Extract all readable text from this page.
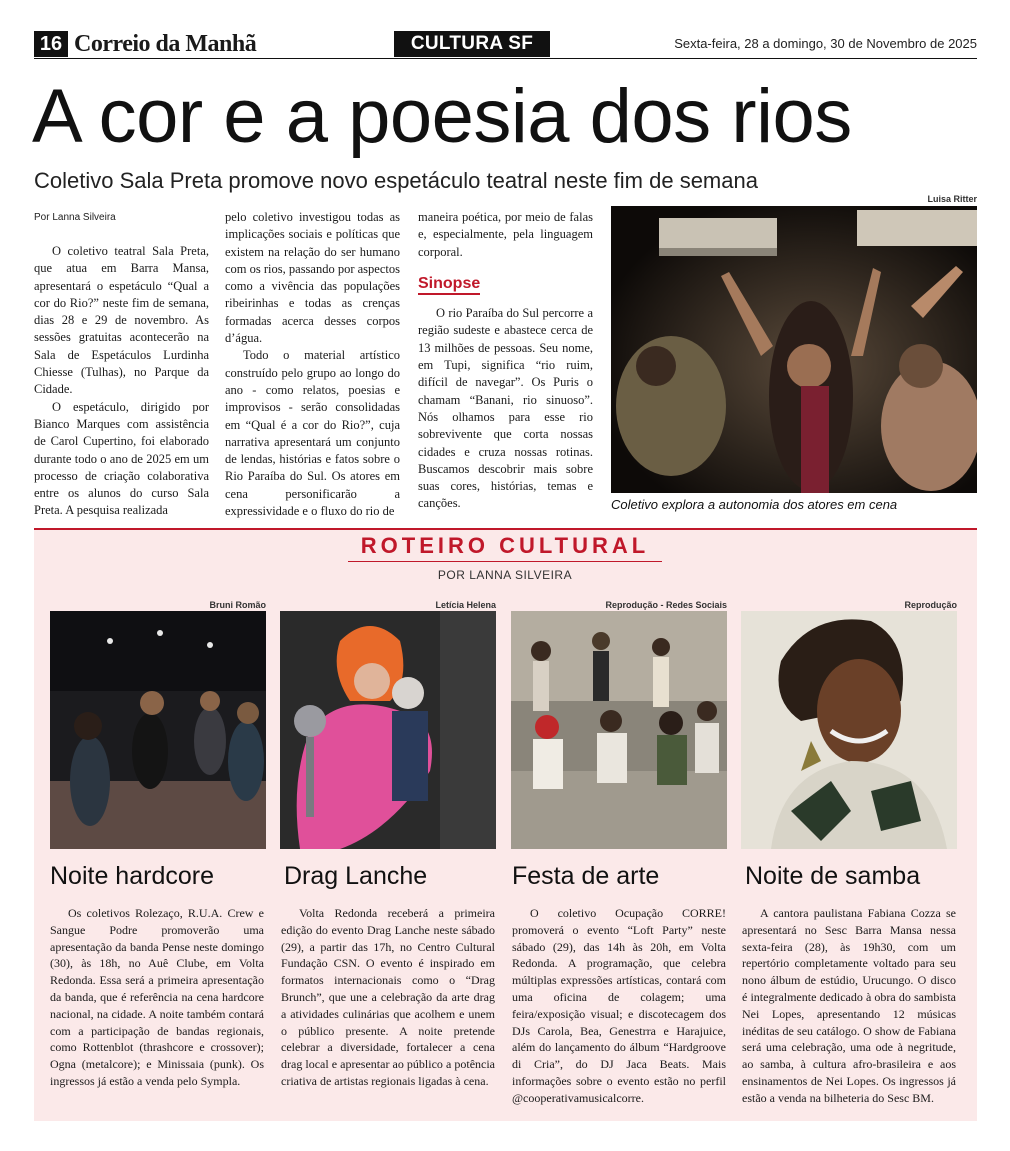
16 Correio da Manhã	CULTURA SF	Sexta-feira, 28 a domingo, 30 de Novembro de 2025
A cor e a poesia dos rios
Coletivo Sala Preta promove novo espetáculo teatral neste fim de semana
Por Lanna Silveira

O coletivo teatral Sala Preta, que atua em Barra Mansa, apresentará o espetáculo “Qual a cor do Rio?” neste fim de semana, dias 28 e 29 de novembro. As sessões gratuitas acontecerão na Sala de Espetáculos Lurdinha Chiesse (Tulhas), no Parque da Cidade.

O espetáculo, dirigido por Bianco Marques com assistência de Carol Cupertino, foi elaborado durante todo o ano de 2025 em um processo de criação colaborativa entre os alunos do curso Sala Preta. A pesquisa realizada

pelo coletivo investigou todas as implicações sociais e políticas que existem na relação do ser humano com os rios, passando por aspectos como a vivência das populações ribeirinhas e todas as crenças formadas acerca desses corpos d’água.

Todo o material artístico construído pelo grupo ao longo do ano - como relatos, poesias e improvisos - serão consolidadas em “Qual é a cor do Rio?”, cuja narrativa apresentará um conjunto de lendas, histórias e fatos sobre o Rio Paraíba do Sul. Os atores em cena personificarão a expressividade e o fluxo do rio de

maneira poética, por meio de falas e, especialmente, pela linguagem corporal.

Sinopse

O rio Paraíba do Sul percorre a região sudeste e abastece cerca de 13 milhões de pessoas. Seu nome, em Tupi, significa “rio ruim, difícil de navegar”. Os Puris o chamam “Banani, rio sinuoso”. Nós olhamos para esse rio sobrevivente que corta nossas cidades e cruza nossas rotinas. Buscamos descobrir mais sobre suas cores, histórias, temas e canções.

Luisa Ritter
Coletivo explora a autonomia dos atores em cena
ROTEIRO CULTURAL
POR LANNA SILVEIRA
Bruni Romão
Noite hardcore

Os coletivos Rolezaço, R.U.A. Crew e Sangue Podre promoverão uma apresentação da banda Pense neste domingo (30), às 18h, no Auê Clube, em Volta Redonda. Essa será a primeira apresentação da banda, que é referência na cena hardcore nacional, na cidade. A noite também contará com a participação de bandas regionais, como Rottenblot (thrashcore e crossover); Ogna (metalcore); e Minissaia (punk). Os ingressos já estão a venda pelo Sympla.

Letícia Helena
Drag Lanche

Volta Redonda receberá a primeira edição do evento Drag Lanche neste sábado (29), a partir das 17h, no Centro Cultural Fundação CSN. O evento é inspirado em formatos internacionais como o “Drag Brunch”, que une a celebração da arte drag a atividades culinárias que acolhem e unem o público presente. A noite pretende celebrar a diversidade, fortalecer a cena drag local e apresentar ao público a potência criativa de artistas regionais ligadas à cena.

Reprodução - Redes Sociais
Festa de arte

O coletivo Ocupação CORRE! promoverá o evento “Loft Party” neste sábado (29), das 14h às 20h, em Volta Redonda. A programação, que celebra múltiplas expressões artísticas, contará com uma oficina de colagem; uma feira/exposição visual; e discotecagem dos DJs Carola, Bea, Genestrra e Harajuice, além do lançamento do álbum “Hardgroove di Cria”, do DJ Jaca Beats. Mais informações sobre o evento estão no perfil @cooperativamusicalcorre.

Reprodução
Noite de samba

A cantora paulistana Fabiana Cozza se apresentará no Sesc Barra Mansa nessa sexta-feira (28), às 19h30, com um repertório completamente voltado para seu nono álbum de estúdio, Urucungo. O disco é integralmente dedicado à obra do sambista Nei Lopes, apresentando 12 músicas inéditas de seu catálogo. O show de Fabiana será uma celebração, uma ode à negritude, ao samba, à cultura afro-brasileira e aos ensinamentos de Nei Lopes. Os ingressos já estão a venda na bilheteria do Sesc BM.
